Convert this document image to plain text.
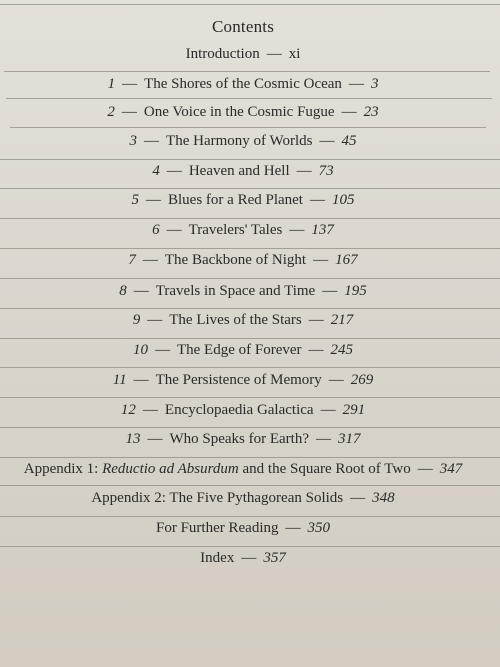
Contents
Introduction — xi
1 — The Shores of the Cosmic Ocean — 3
2 — One Voice in the Cosmic Fugue — 23
3 — The Harmony of Worlds — 45
4 — Heaven and Hell — 73
5 — Blues for a Red Planet — 105
6 — Travelers' Tales — 137
7 — The Backbone of Night — 167
8 — Travels in Space and Time — 195
9 — The Lives of the Stars — 217
10 — The Edge of Forever — 245
11 — The Persistence of Memory — 269
12 — Encyclopaedia Galactica — 291
13 — Who Speaks for Earth? — 317
Appendix 1: Reductio ad Absurdum and the Square Root of Two — 347
Appendix 2: The Five Pythagorean Solids — 348
For Further Reading — 350
Index — 357
